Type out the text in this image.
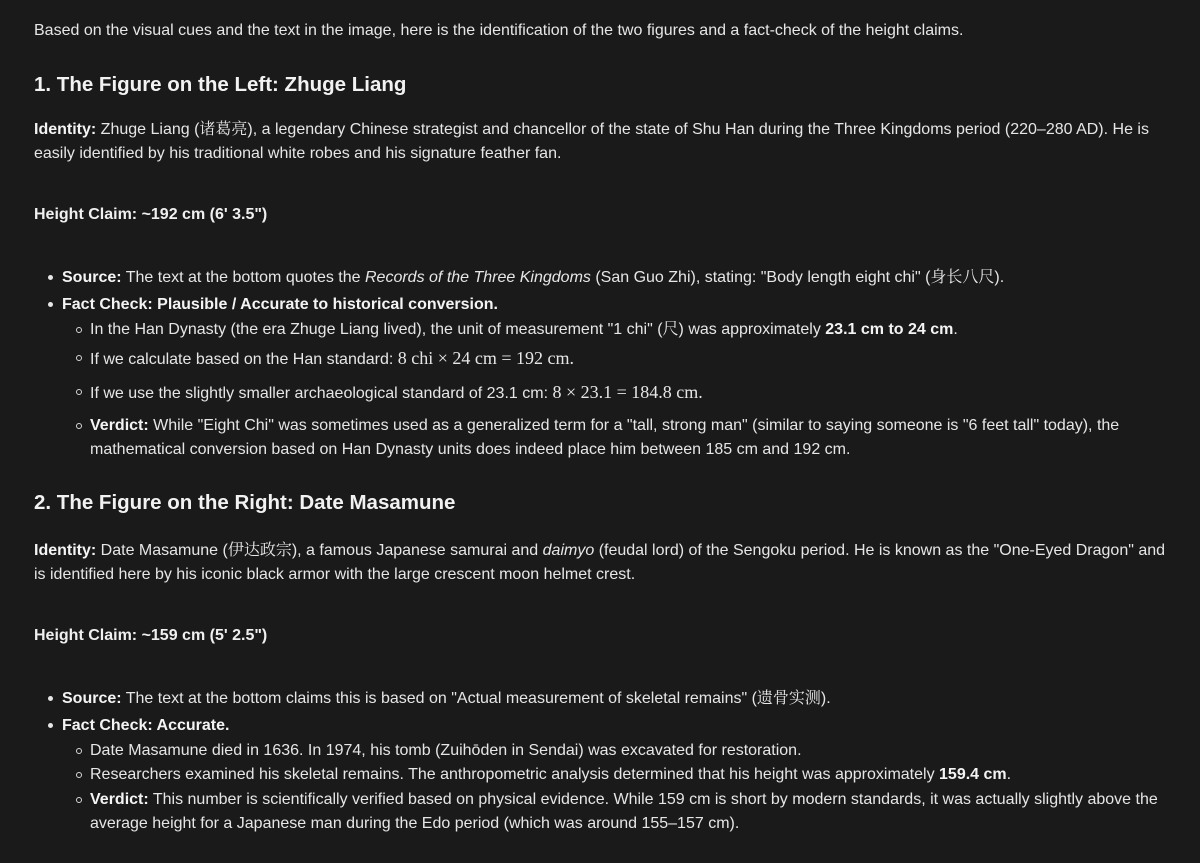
Based on the visual cues and the text in the image, here is the identification of the two figures and a fact-check of the height claims.

1. The Figure on the Left: Zhuge Liang

Identity: Zhuge Liang (诸葛亮), a legendary Chinese strategist and chancellor of the state of Shu Han during the Three Kingdoms period (220–280 AD). He is easily identified by his traditional white robes and his signature feather fan.

Height Claim: ~192 cm (6' 3.5")

Source: The text at the bottom quotes the Records of the Three Kingdoms (San Guo Zhi), stating: "Body length eight chi" (身长八尺).
Fact Check: Plausible / Accurate to historical conversion.
In the Han Dynasty (the era Zhuge Liang lived), the unit of measurement "1 chi" (尺) was approximately 23.1 cm to 24 cm.
If we calculate based on the Han standard: 8 chi × 24 cm = 192 cm.
If we use the slightly smaller archaeological standard of 23.1 cm: 8 × 23.1 = 184.8 cm.
Verdict: While "Eight Chi" was sometimes used as a generalized term for a "tall, strong man" (similar to saying someone is "6 feet tall" today), the mathematical conversion based on Han Dynasty units does indeed place him between 185 cm and 192 cm.
2. The Figure on the Right: Date Masamune

Identity: Date Masamune (伊达政宗), a famous Japanese samurai and daimyo (feudal lord) of the Sengoku period. He is known as the "One-Eyed Dragon" and is identified here by his iconic black armor with the large crescent moon helmet crest.

Height Claim: ~159 cm (5' 2.5")

Source: The text at the bottom claims this is based on "Actual measurement of skeletal remains" (遗骨实测).
Fact Check: Accurate.
Date Masamune died in 1636. In 1974, his tomb (Zuihōden in Sendai) was excavated for restoration.
Researchers examined his skeletal remains. The anthropometric analysis determined that his height was approximately 159.4 cm.
Verdict: This number is scientifically verified based on physical evidence. While 159 cm is short by modern standards, it was actually slightly above the average height for a Japanese man during the Edo period (which was around 155–157 cm).
